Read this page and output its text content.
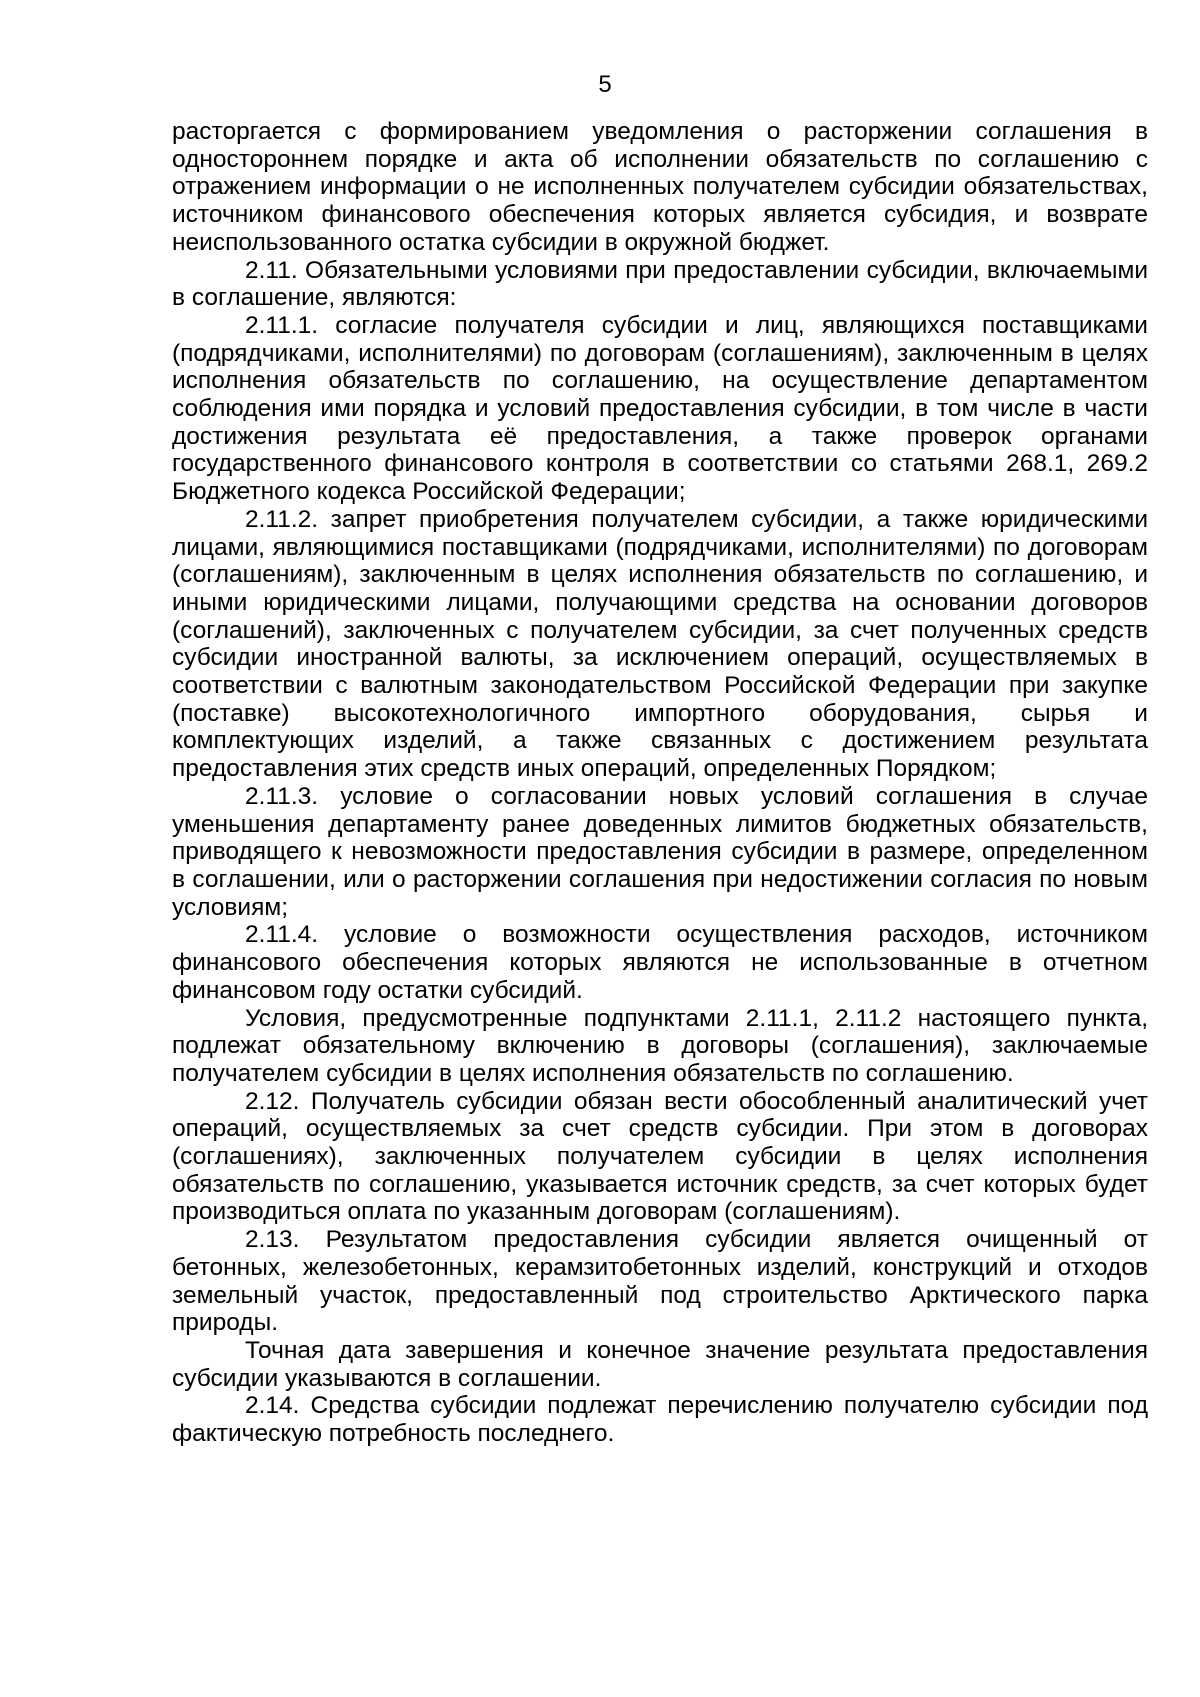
5

расторгается с формированием уведомления о расторжении соглашения в одностороннем порядке и акта об исполнении обязательств по соглашению с отражением информации о не исполненных получателем субсидии обязательствах, источником финансового обеспечения которых является субсидия, и возврате неиспользованного остатка субсидии в окружной бюджет.

2.11. Обязательными условиями при предоставлении субсидии, включаемыми в соглашение, являются:

2.11.1. согласие получателя субсидии и лиц, являющихся поставщиками (подрядчиками, исполнителями) по договорам (соглашениям), заключенным в целях исполнения обязательств по соглашению, на осуществление департаментом соблюдения ими порядка и условий предоставления субсидии, в том числе в части достижения результата её предоставления, а также проверок органами государственного финансового контроля в соответствии со статьями 268.1, 269.2 Бюджетного кодекса Российской Федерации;

2.11.2. запрет приобретения получателем субсидии, а также юридическими лицами, являющимися поставщиками (подрядчиками, исполнителями) по договорам (соглашениям), заключенным в целях исполнения обязательств по соглашению, и иными юридическими лицами, получающими средства на основании договоров (соглашений), заключенных с получателем субсидии, за счет полученных средств субсидии иностранной валюты, за исключением операций, осуществляемых в соответствии с валютным законодательством Российской Федерации при закупке (поставке) высокотехнологичного импортного оборудования, сырья и комплектующих изделий, а также связанных с достижением результата предоставления этих средств иных операций, определенных Порядком;

2.11.3. условие о согласовании новых условий соглашения в случае уменьшения департаменту ранее доведенных лимитов бюджетных обязательств, приводящего к невозможности предоставления субсидии в размере, определенном в соглашении, или о расторжении соглашения при недостижении согласия по новым условиям;

2.11.4. условие о возможности осуществления расходов, источником финансового обеспечения которых являются не использованные в отчетном финансовом году остатки субсидий.

Условия, предусмотренные подпунктами 2.11.1, 2.11.2 настоящего пункта, подлежат обязательному включению в договоры (соглашения), заключаемые получателем субсидии в целях исполнения обязательств по соглашению.

2.12. Получатель субсидии обязан вести обособленный аналитический учет операций, осуществляемых за счет средств субсидии. При этом в договорах (соглашениях), заключенных получателем субсидии в целях исполнения обязательств по соглашению, указывается источник средств, за счет которых будет производиться оплата по указанным договорам (соглашениям).

2.13. Результатом предоставления субсидии является очищенный от бетонных, железобетонных, керамзитобетонных изделий, конструкций и отходов земельный участок, предоставленный под строительство Арктического парка природы.

Точная дата завершения и конечное значение результата предоставления субсидии указываются в соглашении.

2.14. Средства субсидии подлежат перечислению получателю субсидии под фактическую потребность последнего.
